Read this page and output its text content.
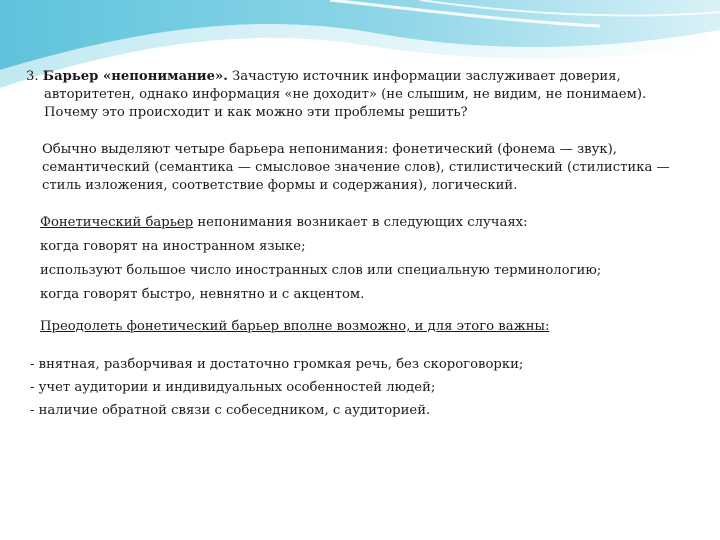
3. Барьер «непонимание». Зачастую источник информации заслуживает доверия, авторитетен, однако информация «не доходит» (не слышим, не видим, не понимаем). Почему это происходит и как можно эти проблемы решить?

Обычно выделяют четыре барьера непонимания: фонетический (фонема — звук), семантический (семантика — смысловое значение слов), стилистический (стилистика — стиль изложения, соответствие формы и содержания), логический.

Фонетический барьер непонимания возникает в следующих случаях:
когда говорят на иностранном языке;
используют большое число иностранных слов или специальную терминологию;
когда говорят быстро, невнятно и с акцентом.

Преодолеть фонетический барьер вполне возможно, и для этого важны:

- внятная, разборчивая и достаточно громкая речь, без скороговорки;
- учет аудитории и индивидуальных особенностей людей;
- наличие обратной связи с собеседником, с аудиторией.
